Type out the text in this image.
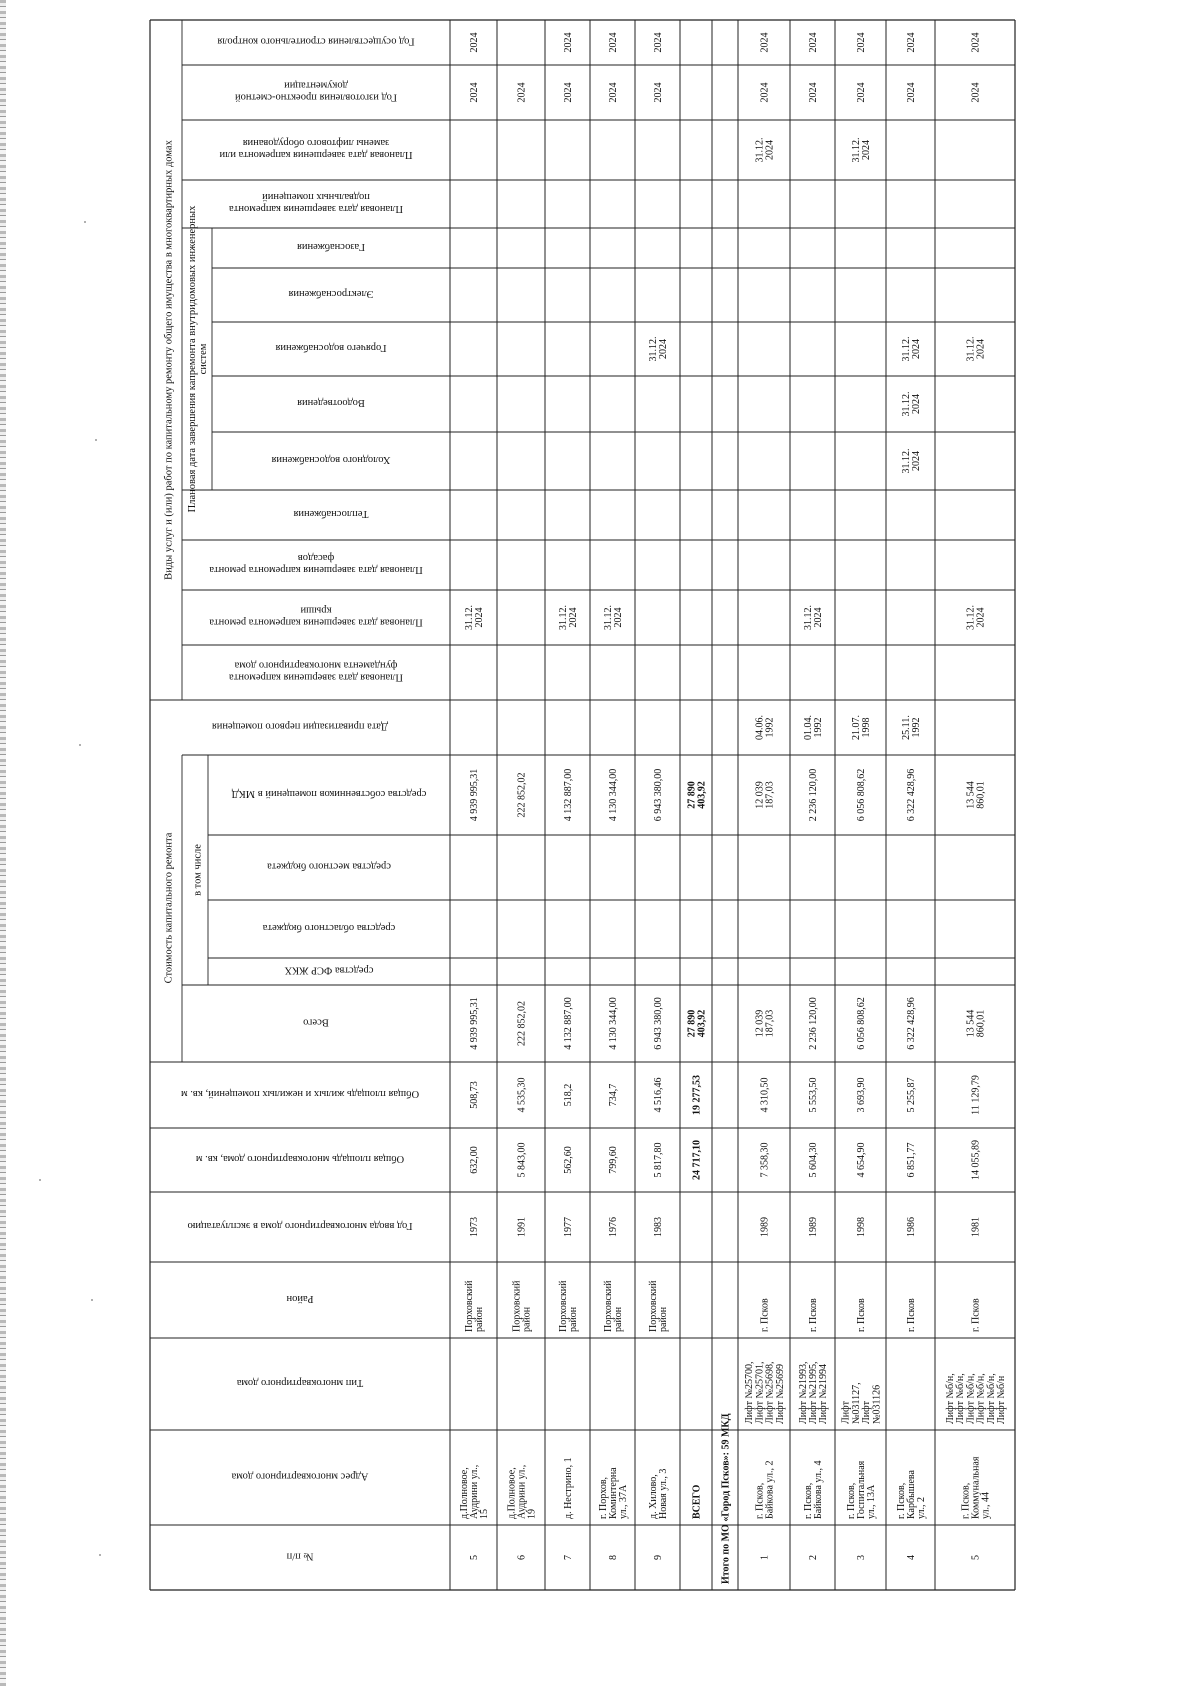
Виды услуг и (или) работ по капитальному ремонту общего имущества в многоквартирных домах Плановая дата завершения капремонта внутридомовых инженерныхсистем
Стоимость капитального ремонта в том числе
Год осуществления строительного контроля
Год изготовления проектно-сметнойдокументации
Плановая дата завершения капремонта илизамены лифтового оборудования
Плановая дата завершения капремонтаподвальных помещений
Газоснабжения
Электроснабжения
Горячего водоснабжения
Водоотведения
Холодного водоснабжения
Теплоснабжения
Плановая дата завершения капремонта ремонтафасадов
Плановая дата завершения капремонта ремонтакрыши
Плановая дата завершения капремонтафундамента многоквартирного дома
Дата приватизации первого помещения
средства собственников помещений в МКД
средства местного бюджета
средства областного бюджета
средства ФСР ЖКХ
Всего
Общая площадь жилых и нежилых помещений, кв. м
Общая площадь многоквартирного дома, кв. м
Год ввода многоквартирного дома в эксплуатацию
Район
Тип многоквартирного дома
Адрес многоквартирного дома
№ п/п	5
д.Полновое,Аудрини ул.,15
Порховскийрайон
1973
632,00
508,73
4 939 995,31
4 939 995,31
31.12.2024
2024
2024
6
д.Полновое,Аудрини ул.,19
Порховскийрайон
1991
5 843,00
4 535,30
222 852,02
222 852,02
2024
7
д. Нестрино, 1
Порховскийрайон
1977
562,60
518,2
4 132 887,00
4 132 887,00
31.12.2024
2024
2024
8
г. Порхов,Коминтернаул., 37А
Порховскийрайон
1976
799,60
734,7
4 130 344,00
4 130 344,00
31.12.2024
2024
2024
9
д. Хилово,Новая ул., 3
Порховскийрайон
1983
5 817,80
4 516,46
6 943 380,00
6 943 380,00
31.12.2024
2024
2024
1
г. Псков,Байкова ул., 2
Лифт №25700,Лифт №25701,Лифт №25698,Лифт №25699
г. Псков
1989
7 358,30
4 310,50
12 039187,03
12 039187,03
04.06.1992
31.12.2024
2024
2024
2
г. Псков,Байкова ул., 4
Лифт №21993,Лифт №21995,Лифт №21994
г. Псков
1989
5 604,30
5 553,50
2 236 120,00
2 236 120,00
01.04.1992
31.12.2024
2024
2024
3
г. Псков,Госпитальнаяул., 13А
Лифт№031127,Лифт№031126
г. Псков
1998
4 654,90
3 693,90
6 056 808,62
6 056 808,62
21.07.1998
31.12.2024
2024
2024
4
г. Псков,Карбышеваул., 2
г. Псков
1986
6 851,77
5 255,87
6 322 428,96
6 322 428,96
25.11.1992
31.12.2024
31.12.2024
31.12.2024
2024
2024
5
г. Псков,Коммунальнаяул., 44
Лифт №б/н,Лифт №б/н,Лифт №б/н,Лифт №б/н,Лифт №б/н,Лифт №б/н
г. Псков
1981
14 055,89
11 129,79
13 544860,01
13 544860,01
31.12.2024
31.12.2024
2024
2024
ВСЕГО
24 717,10
19 277,53
27 890403,92
27 890403,92
Итого по МО «Город Псков»: 59 МКД
